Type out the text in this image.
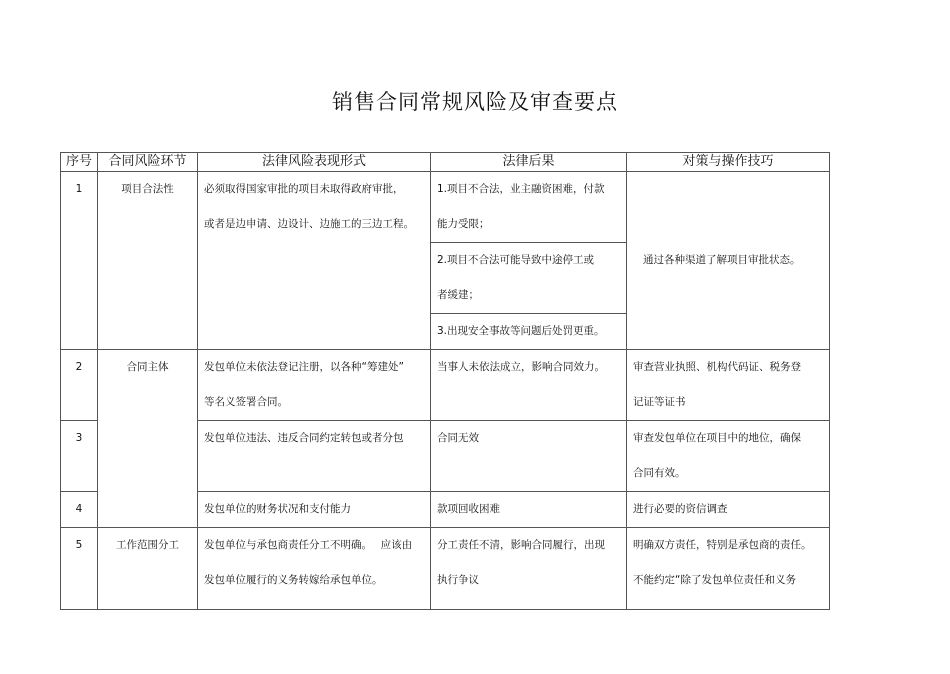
销售合同常规风险及审查要点
序号	合同风险环节	法律风险表现形式	法律后果	对策与操作技巧
1	项目合法性	必须取得国家审批的项目未取得政府审批，
或者是边申请、边设计、边施工的三边工程。	1.项目不合法，业主融资困难，付款
能力受限；	通过各种渠道了解项目审批状态。

			2.项目不合法可能导致中途停工或
者缓建；	

			3.出现安全事故等问题后处罚更重。	

2	合同主体	发包单位未依法登记注册，以各种“筹建处”
等名义签署合同。	当事人未依法成立，影响合同效力。	审查营业执照、机构代码证、税务登
记证等证书

3		发包单位违法、违反合同约定转包或者分包	合同无效	审查发包单位在项目中的地位，确保
合同有效。

4		发包单位的财务状况和支付能力	款项回收困难	进行必要的资信调查
5	工作范围分工	发包单位与承包商责任分工不明确。　 应该由
发包单位履行的义务转嫁给承包单位。	分工责任不清，影响合同履行，出现
执行争议	明确双方责任，特别是承包商的责任。
不能约定“除了发包单位责任和义务
